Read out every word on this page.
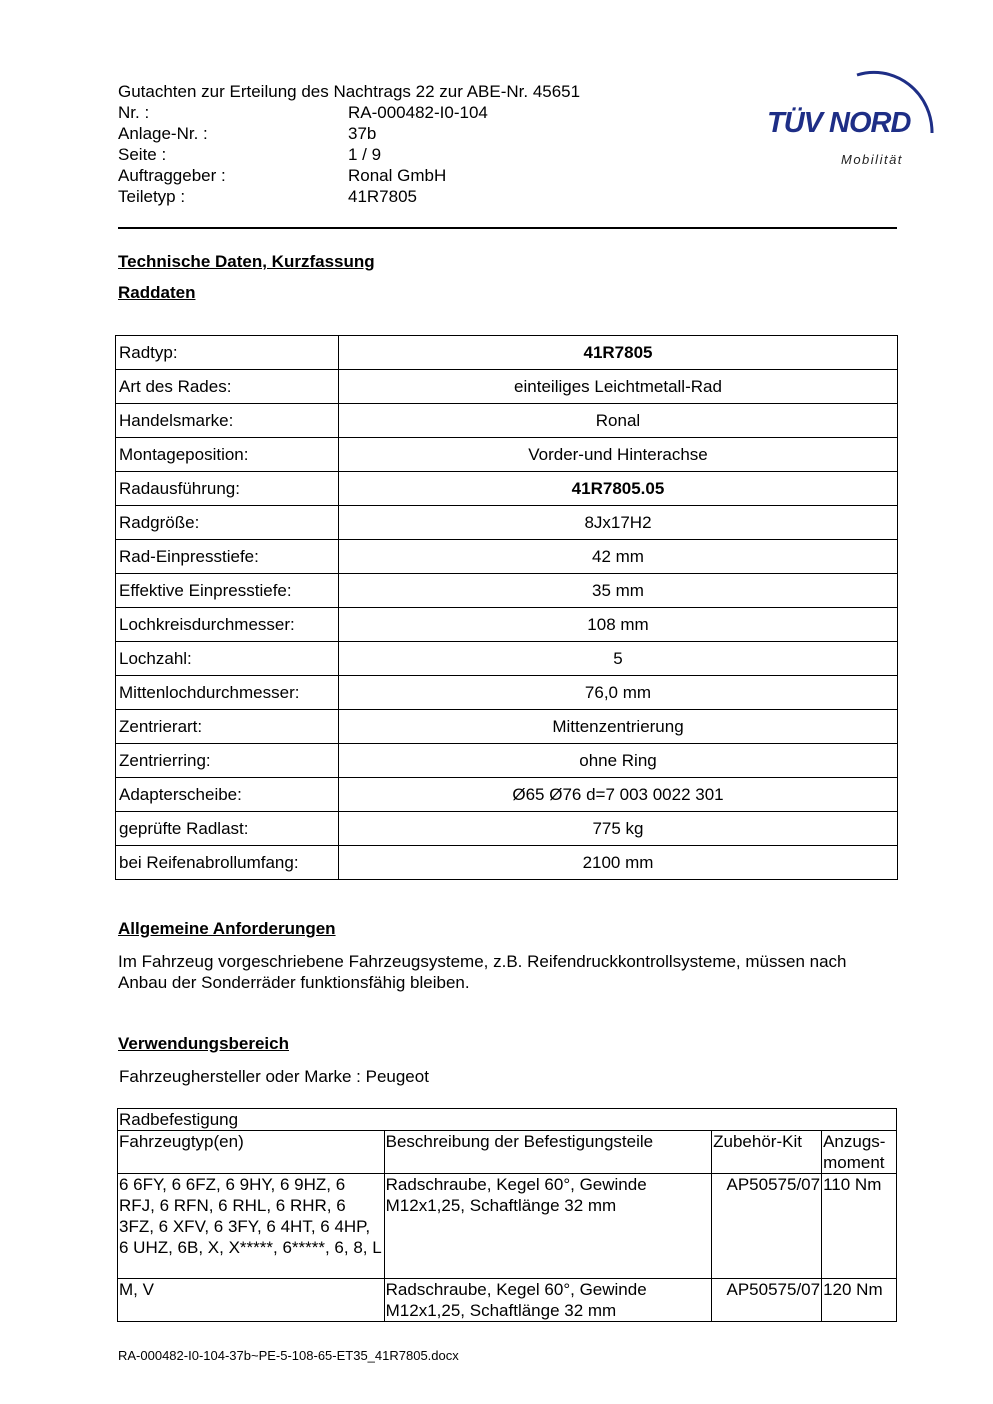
Gutachten zur Erteilung des Nachtrags 22 zur ABE-Nr. 45651
Nr. :	RA-000482-I0-104
Anlage-Nr. :	37b
Seite :	1 / 9
Auftraggeber :	Ronal GmbH
Teiletyp :	41R7805
TÜV NORD
Mobilität
Technische Daten, Kurzfassung
Raddaten
Radtyp:	41R7805
Art des Rades:	einteiliges Leichtmetall-Rad
Handelsmarke:	Ronal
Montageposition:	Vorder-und Hinterachse
Radausführung:	41R7805.05
Radgröße:	8Jx17H2
Rad-Einpresstiefe:	42 mm
Effektive Einpresstiefe:	35 mm
Lochkreisdurchmesser:	108 mm
Lochzahl:	5
Mittenlochdurchmesser:	76,0 mm
Zentrierart:	Mittenzentrierung
Zentrierring:	ohne Ring
Adapterscheibe:	Ø65 Ø76 d=7 003 0022 301
geprüfte Radlast:	775 kg
bei Reifenabrollumfang:	2100 mm
Allgemeine Anforderungen
Im Fahrzeug vorgeschriebene Fahrzeugsysteme, z.B. Reifendruckkontrollsysteme, müssen nach Anbau der Sonderräder funktionsfähig bleiben.
Verwendungsbereich
Fahrzeughersteller oder Marke : Peugeot
Radbefestigung			
Fahrzeugtyp(en)	Beschreibung der Befestigungsteile	Zubehör-Kit	Anzugs-moment
6 6FY, 6 6FZ, 6 9HY, 6 9HZ, 6 RFJ, 6 RFN, 6 RHL, 6 RHR, 6 3FZ, 6 XFV, 6 3FY, 6 4HT, 6 4HP, 6 UHZ, 6B, X, X*****, 6*****, 6, 8, L	Radschraube, Kegel 60°, Gewinde M12x1,25, Schaftlänge 32 mm	AP50575/07	110 Nm
M, V	Radschraube, Kegel 60°, Gewinde M12x1,25, Schaftlänge 32 mm	AP50575/07	120 Nm
RA-000482-I0-104-37b~PE-5-108-65-ET35_41R7805.docx
